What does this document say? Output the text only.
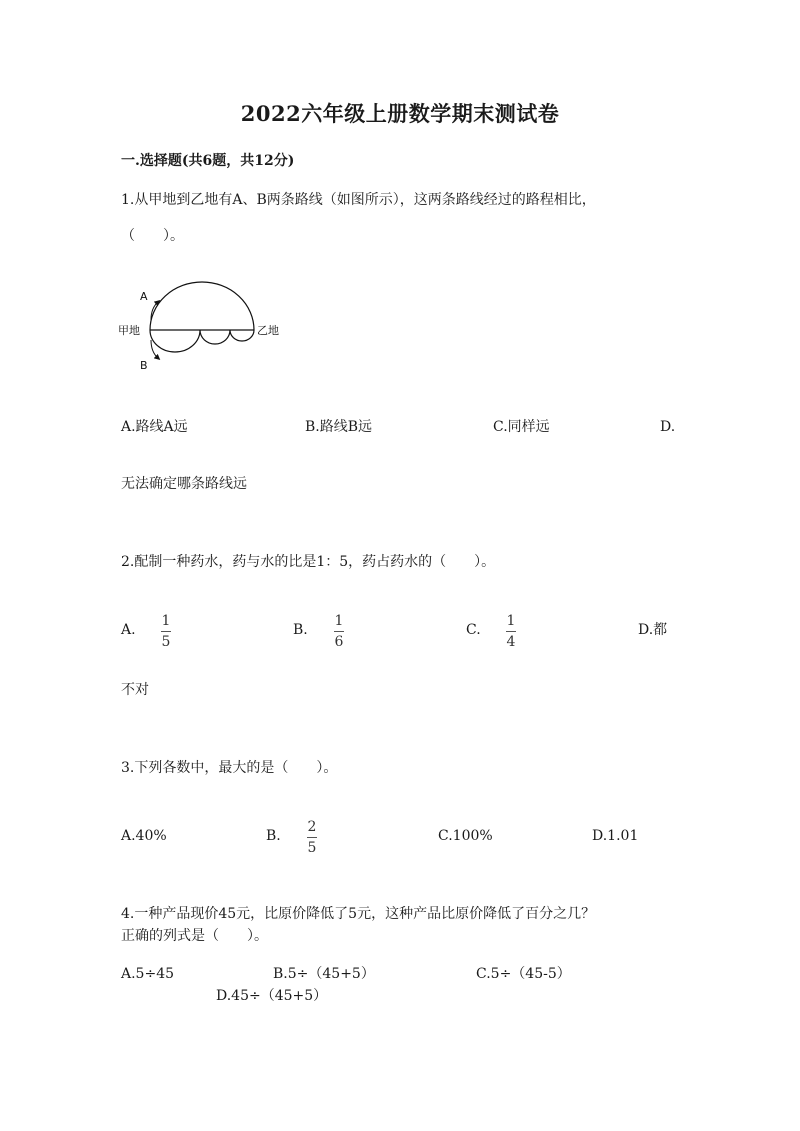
2022六年级上册数学期末测试卷
一.选择题(共6题，共12分)
1.从甲地到乙地有A、B两条路线（如图所示），这两条路线经过的路程相比，
（　　）。
A
B
甲地	乙地
A.路线A远	B.路线B远	C.同样远	D.
无法确定哪条路线远
2.配制一种药水，药与水的比是1：5，药占药水的（　　）。
A.
1
5
B.
1
6
C.
1
4
D.都
不对
3.下列各数中，最大的是（　　）。
A.40%	B.
2
5
C.100%	D.1.01
4.一种产品现价45元，比原价降低了5元，这种产品比原价降低了百分之几？
正确的列式是（　　）。
A.5÷45	B.5÷（45+5）	C.5÷（45-5）
D.45÷（45+5）
